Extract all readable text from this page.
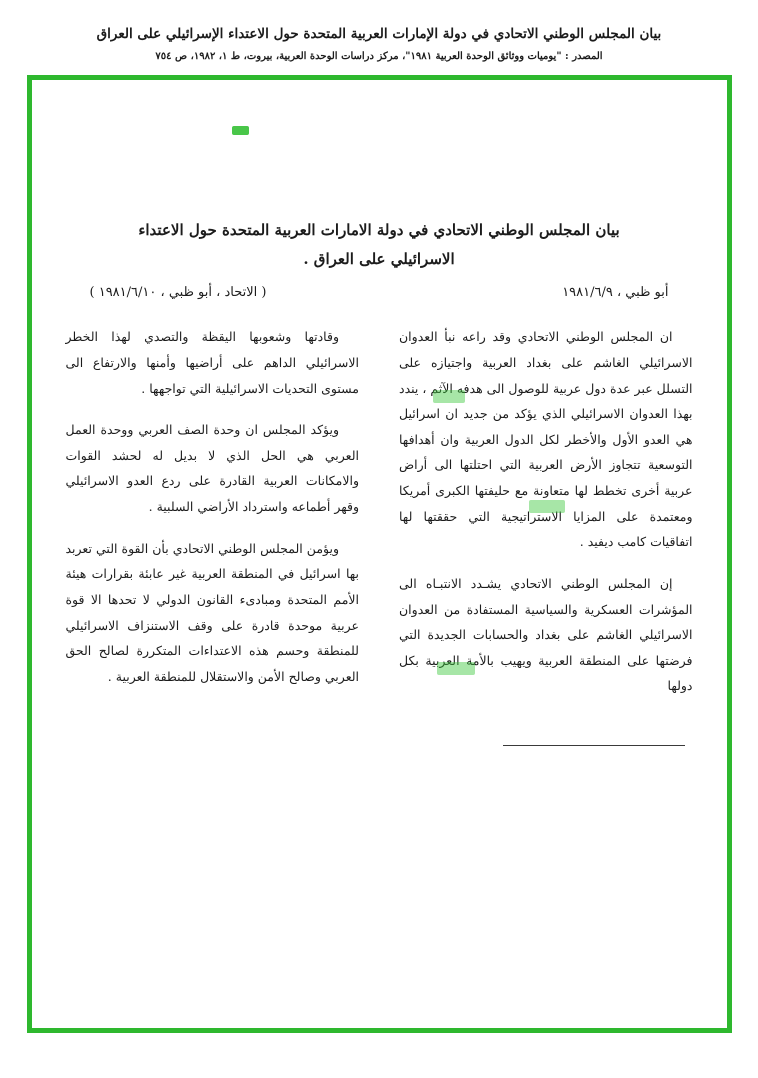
بيان المجلس الوطني الاتحادي في دولة الإمارات العربية المتحدة حول الاعتداء الإسرائيلي على العراق
المصدر : "يوميات ووثائق الوحدة العربية ١٩٨١"، مركز دراسات الوحدة العربية، بيروت، ط ١، ١٩٨٢، ص ٧٥٤
بيان المجلس الوطني الاتحادي في دولة الامارات العربية المتحدة حول الاعتداء الاسرائيلي على العراق .
أبو ظبي ، ١٩٨١/٦/٩
( الاتحاد ، أبو ظبي ، ١٩٨١/٦/١٠ )

ان المجلس الوطني الاتحادي وقد راعه نبأ العدوان الاسرائيلي الغاشم على بغداد العربية واجتيازه على التسلل عبر عدة دول عربية للوصول الى هدفه الآثم ، يندد بهذا العدوان الاسرائيلي الذي يؤكد من جديد ان اسرائيل هي العدو الأول والأخطر لكل الدول العربية وان أهدافها التوسعية تتجاوز الأرض العربية التي احتلتها الى أراض عربية أخرى تخطط لها متعاونة مع حليفتها الكبرى أمريكا ومعتمدة على المزايا الاستراتيجية التي حققتها لها اتفاقيات كامب ديفيد .

إن المجلس الوطني الاتحادي يشـدد الانتبـاه الى المؤشرات العسكرية والسياسية المستفادة من العدوان الاسرائيلي الغاشم على بغداد والحسابات الجديدة التي فرضتها على المنطقة العربية ويهيب بالأمة العربية بكل دولها

وقادتها وشعوبها اليقظة والتصدي لهذا الخطر الاسرائيلي الداهم على أراضيها وأمنها والارتفاع الى مستوى التحديات الاسرائيلية التي تواجهها .

ويؤكد المجلس ان وحدة الصف العربي ووحدة العمل العربي هي الحل الذي لا بديل له لحشد القوات والامكانات العربية القادرة على ردع العدو الاسرائيلي وقهر أطماعه واسترداد الأراضي السلبية .

ويؤمن المجلس الوطني الاتحادي بأن القوة التي تعربد بها اسرائيل في المنطقة العربية غير عابئة بقرارات هيئة الأمم المتحدة ومبادىء القانون الدولي لا تحدها الا قوة عربية موحدة قادرة على وقف الاستنزاف الاسرائيلي للمنطقة وحسم هذه الاعتداءات المتكررة لصالح الحق العربي وصالح الأمن والاستقلال للمنطقة العربية .
